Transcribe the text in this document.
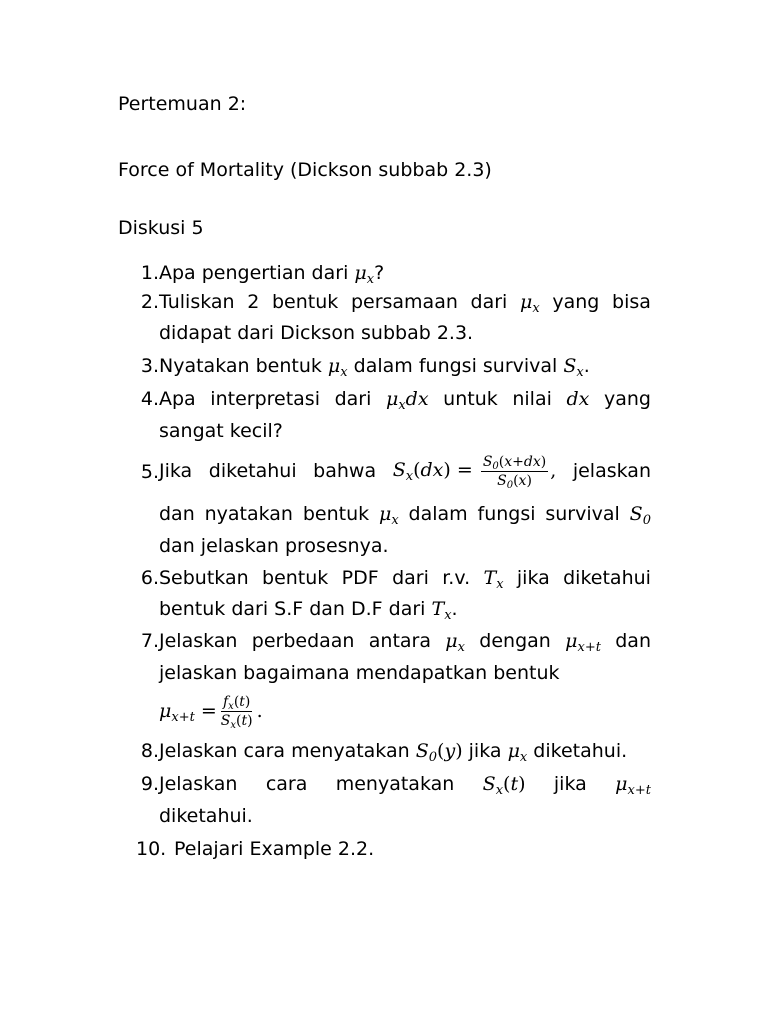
Pertemuan 2:
Force of Mortality (Dickson subbab 2.3)
Diskusi 5
1. Apa pengertian dari $\mu_x$?
2. Tuliskan 2 bentuk persamaan dari $\mu_x$ yang bisa
didapat dari Dickson subbab 2.3.
3. Nyatakan bentuk $\mu_x$ dalam fungsi survival $S_x$.
4. Apa interpretasi dari $\mu_xdx$ untuk nilai dx yang
sangat kecil?
5. Jika diketahui bahwa $S_x(dx) = \frac{S_0(x+dx)}{S_0(x)}$ , jelaskan
dan nyatakan bentuk $\mu_x$ dalam fungsi survival $S_0$
dan jelaskan prosesnya.
6. Sebutkan bentuk PDF dari r.v. $T_x$ jika diketahui
bentuk dari S.F dan D.F dari $T_x$.
7. Jelaskan perbedaan antara $\mu_x$ dengan $\mu_{x+t}$ dan
jelaskan bagaimana mendapatkan bentuk
$\mu_{x+t} = \frac{f_x(t)}{S_x(t)}$ .
8. Jelaskan cara menyatakan $S_0(y)$ jika $\mu_x$ diketahui.
9. Jelaskan cara menyatakan $S_x(t)$ jika $\mu_{x+t}$
diketahui.
10. Pelajari Example 2.2.
